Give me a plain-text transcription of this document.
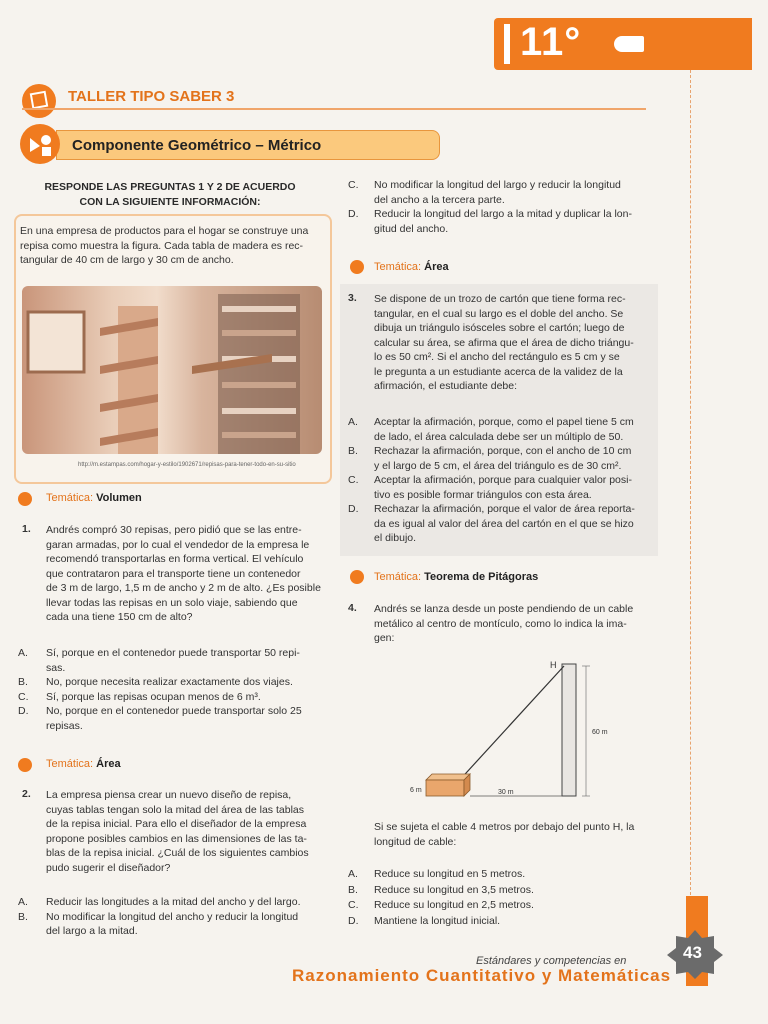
11°
TALLER TIPO SABER 3
Componente Geométrico – Métrico
RESPONDE LAS PREGUNTAS 1 Y 2 DE ACUERDO
CON LA SIGUIENTE INFORMACIÓN:
En una empresa de productos para el hogar se construye una
repisa como muestra la figura. Cada tabla de madera es rec-
tangular de 40 cm de largo y 30 cm de ancho.
http://m.estampas.com/hogar-y-estilo/1902671/repisas-para-tener-todo-en-su-sitio
Temática: Volumen
1. Andrés compró 30 repisas, pero pidió que se las entre-
garan armadas, por lo cual el vendedor de la empresa le
recomendó transportarlas en forma vertical. El vehículo
que contrataron para el transporte tiene un contenedor
de 3 m de largo, 1,5 m de ancho y 2 m de alto. ¿Es posible
llevar todas las repisas en un solo viaje, sabiendo que
cada una tiene 150 cm de alto?
A. Sí, porque en el contenedor puede transportar 50 repi-
sas.
B. No, porque necesita realizar exactamente dos viajes.
C. Sí, porque las repisas ocupan menos de 6 m³.
D. No, porque en el contenedor puede transportar solo 25
repisas.
Temática: Área
2. La empresa piensa crear un nuevo diseño de repisa,
cuyas tablas tengan solo la mitad del área de las tablas
de la repisa inicial. Para ello el diseñador de la empresa
propone posibles cambios en las dimensiones de las ta-
blas de la repisa inicial. ¿Cuál de los siguientes cambios
pudo sugerir el diseñador?
A. Reducir las longitudes a la mitad del ancho y del largo.
B. No modificar la longitud del ancho y reducir la longitud
del largo a la mitad.
C. No modificar la longitud del largo y reducir la longitud
del ancho a la tercera parte.
D. Reducir la longitud del largo a la mitad y duplicar la lon-
gitud del ancho.
Temática: Área
3. Se dispone de un trozo de cartón que tiene forma rec-
tangular, en el cual su largo es el doble del ancho. Se
dibuja un triángulo isósceles sobre el cartón; luego de
calcular su área, se afirma que el área de dicho triángu-
lo es 50 cm². Si el ancho del rectángulo es 5 cm y se
le pregunta a un estudiante acerca de la validez de la
afirmación, el estudiante debe:
A. Aceptar la afirmación, porque, como el papel tiene 5 cm
de lado, el área calculada debe ser un múltiplo de 50.
B. Rechazar la afirmación, porque, con el ancho de 10 cm
y el largo de 5 cm, el área del triángulo es de 30 cm².
C. Aceptar la afirmación, porque para cualquier valor posi-
tivo es posible formar triángulos con esta área.
D. Rechazar la afirmación, porque el valor de área reporta-
da es igual al valor del área del cartón en el que se hizo
el dibujo.
Temática: Teorema de Pitágoras
4. Andrés se lanza desde un poste pendiendo de un cable
metálico al centro de montículo, como lo indica la ima-
gen:
H
60 m
30 m
6 m
Si se sujeta el cable 4 metros por debajo del punto H, la
longitud de cable:
A. Reduce su longitud en 5 metros.
B. Reduce su longitud en 3,5 metros.
C. Reduce su longitud en 2,5 metros.
D. Mantiene la longitud inicial.
43
Estándares y competencias en
Razonamiento Cuantitativo y Matemáticas
